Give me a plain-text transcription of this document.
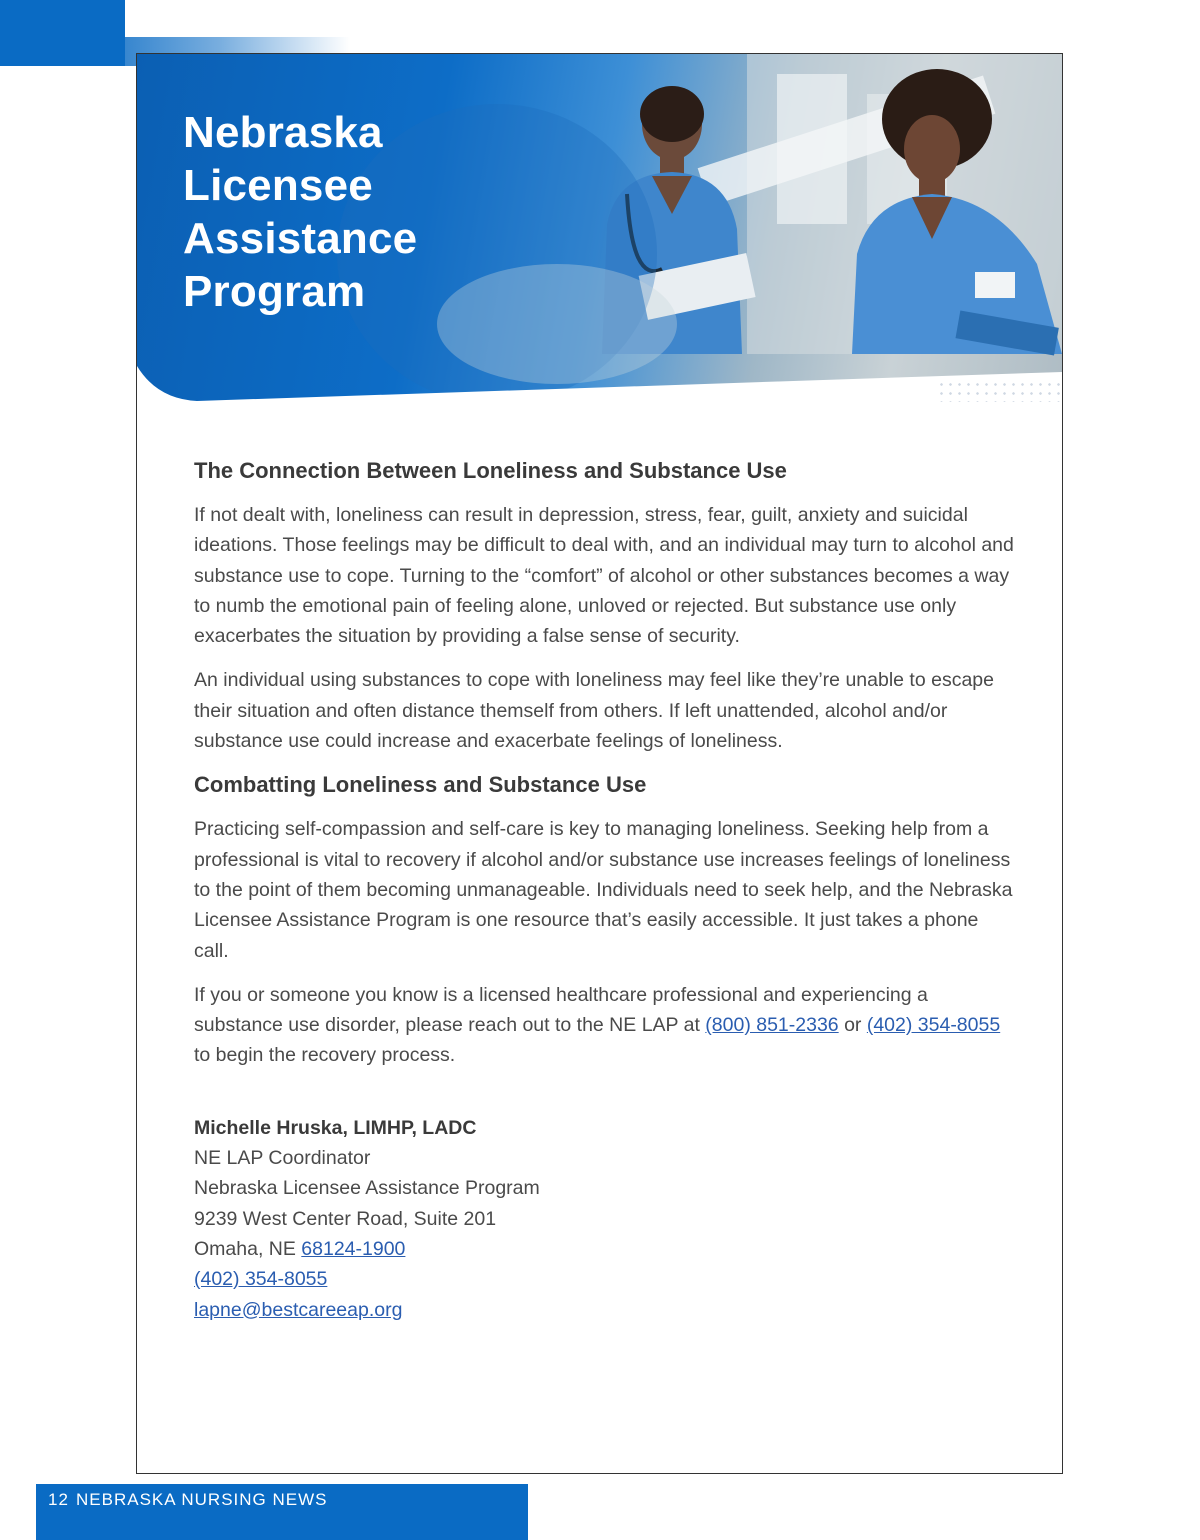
Nebraska
Licensee
Assistance
Program
The Connection Between Loneliness and Substance Use

If not dealt with, loneliness can result in depression, stress, fear, guilt, anxiety and suicidal ideations. Those feelings may be difficult to deal with, and an individual may turn to alcohol and substance use to cope. Turning to the “comfort” of alcohol or other substances becomes a way to numb the emotional pain of feeling alone, unloved or rejected. But substance use only exacerbates the situation by providing a false sense of security.

An individual using substances to cope with loneliness may feel like they’re unable to escape their situation and often distance themself from others. If left unattended, alcohol and/or substance use could increase and exacerbate feelings of loneliness.

Combatting Loneliness and Substance Use

Practicing self-compassion and self-care is key to managing loneliness. Seeking help from a professional is vital to recovery if alcohol and/or substance use increases feelings of loneliness to the point of them becoming unmanageable. Individuals need to seek help, and the Nebraska Licensee Assistance Program is one resource that’s easily accessible. It just takes a phone call.

If you or someone you know is a licensed healthcare professional and experiencing a substance use disorder, please reach out to the NE LAP at (800) 851-2336 or (402) 354-8055 to begin the recovery process.

Michelle Hruska, LIMHP, LADC
NE LAP Coordinator
Nebraska Licensee Assistance Program
9239 West Center Road, Suite 201
Omaha, NE 68124-1900
(402) 354-8055
lapne@bestcareeap.org
12 NEBRASKA NURSING NEWS
